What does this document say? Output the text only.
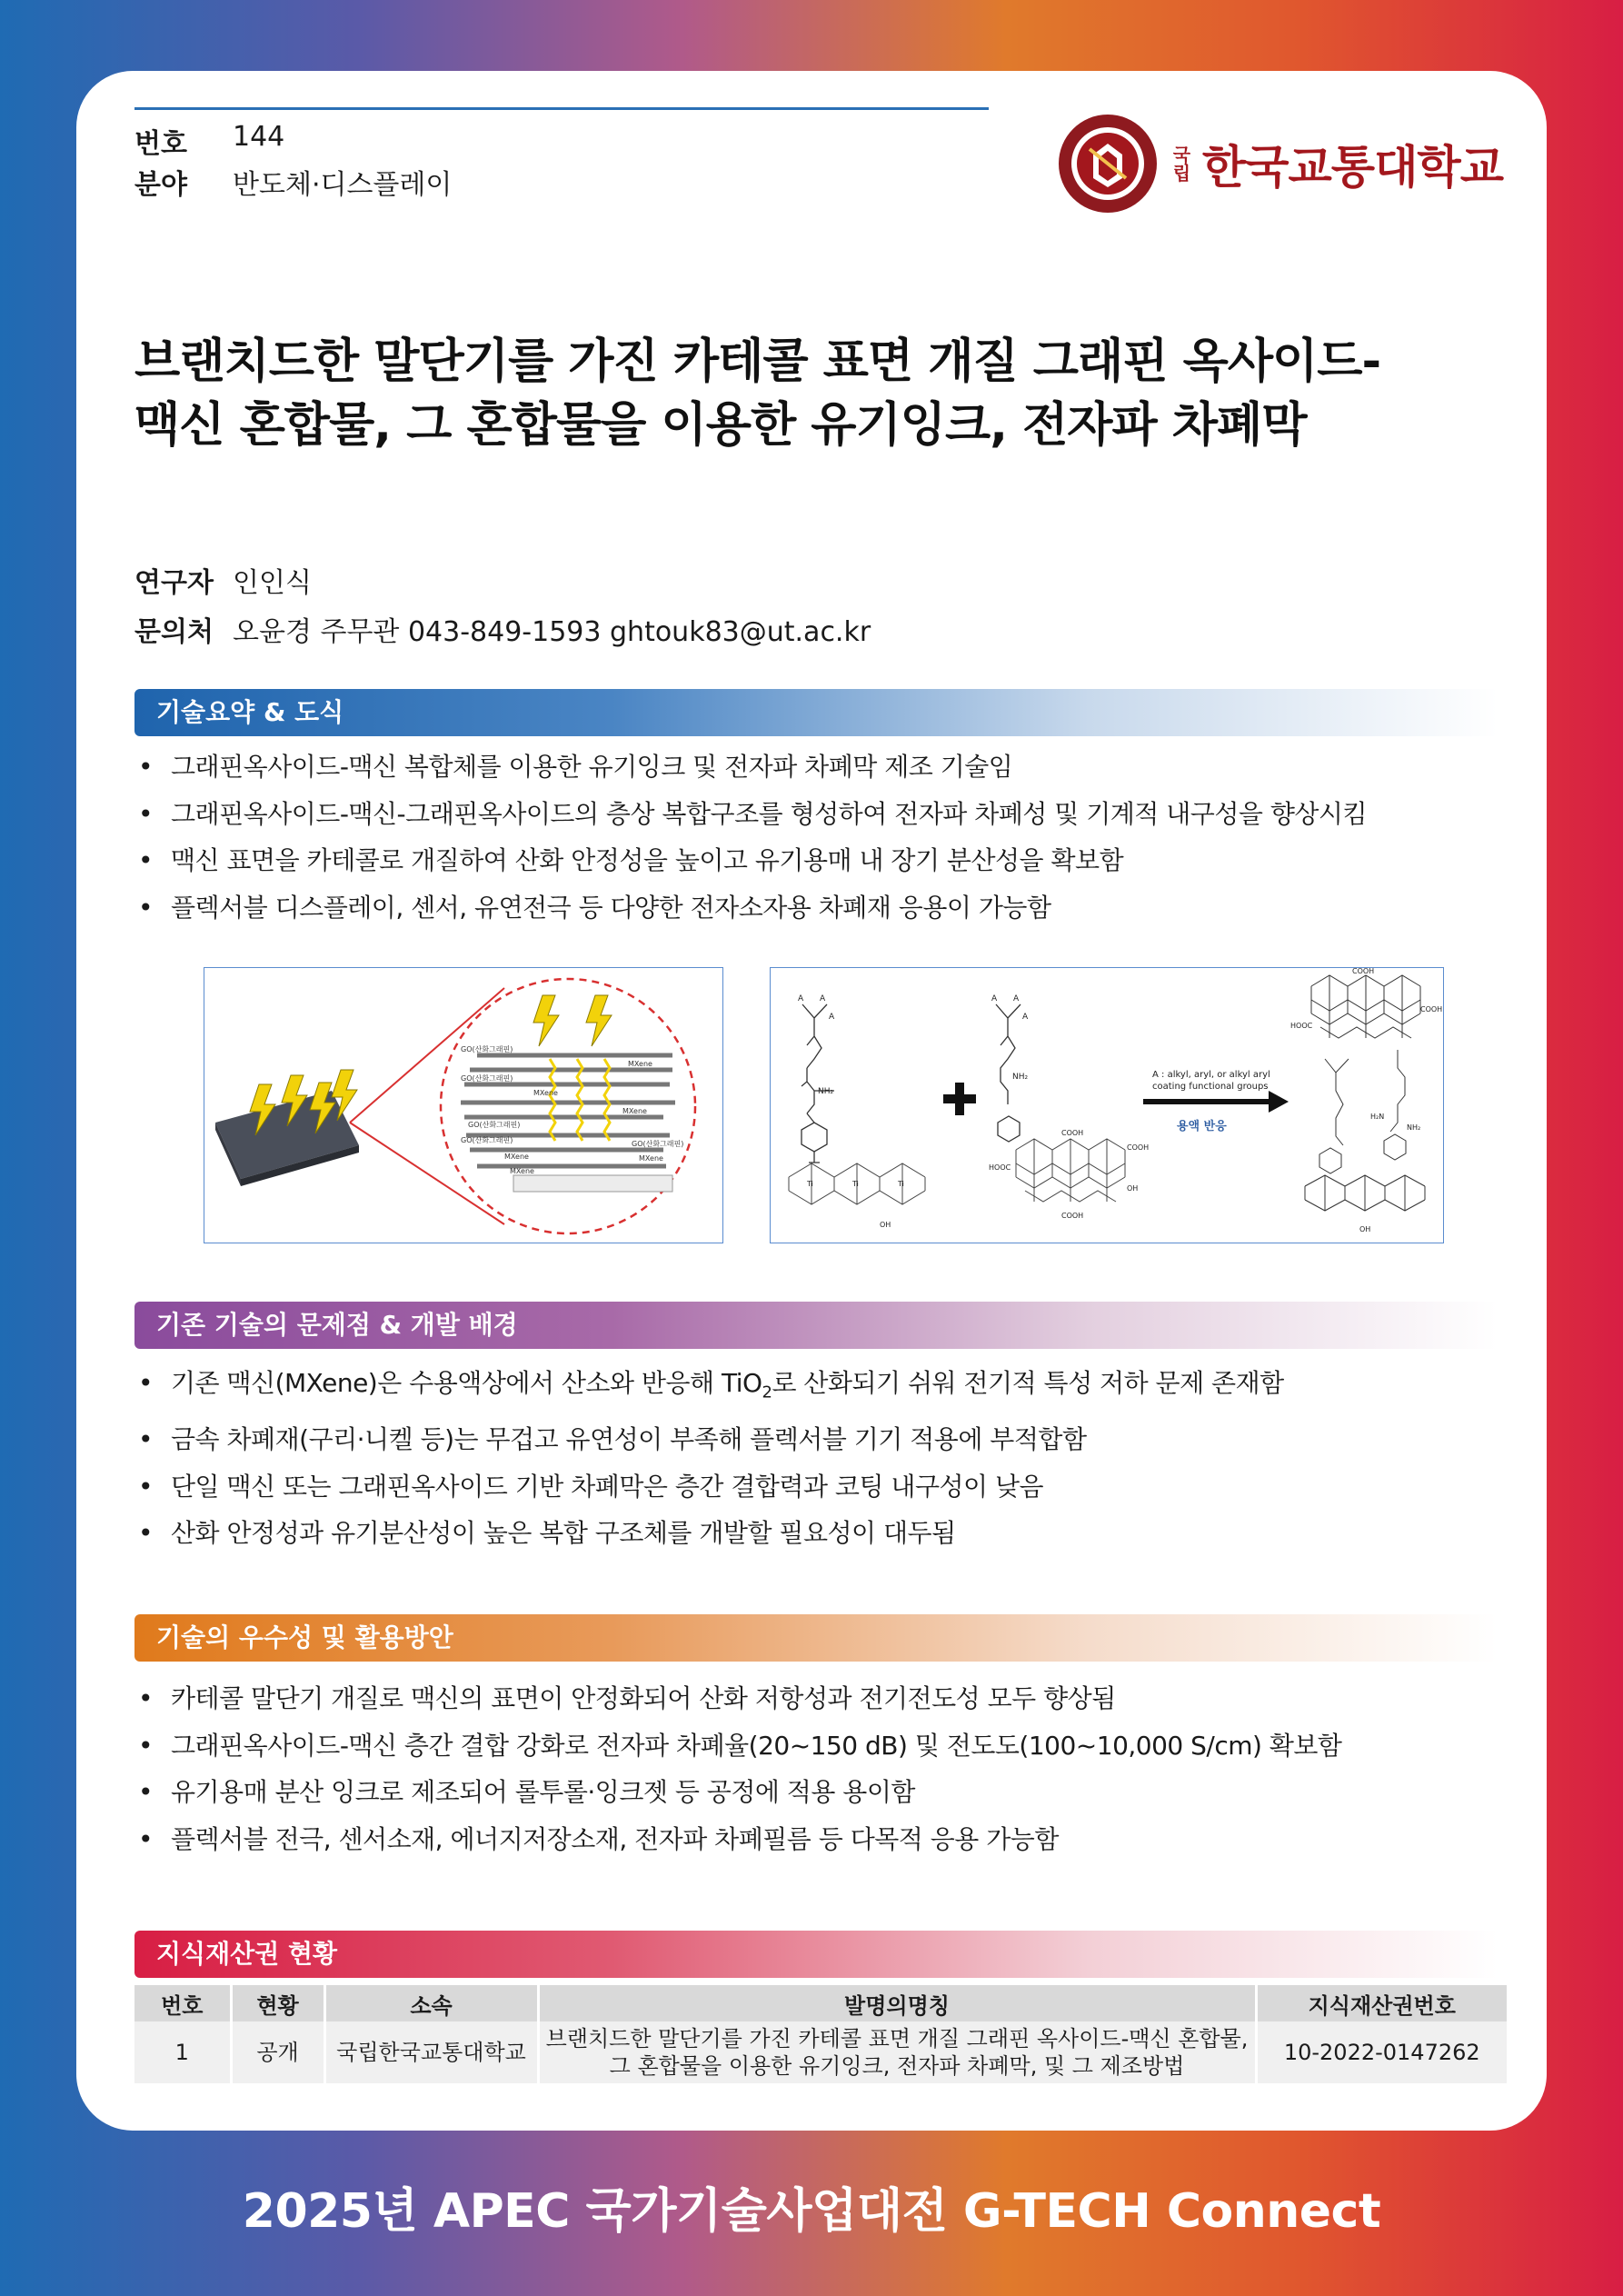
번호 144
분야 반도체·디스플레이
국립 한국교통대학교
브랜치드한 말단기를 가진 카테콜 표면 개질 그래핀 옥사이드-
맥신 혼합물, 그 혼합물을 이용한 유기잉크, 전자파 차폐막
연구자 인인식
문의처 오윤경 주무관 043-849-1593 ghtouk83@ut.ac.kr
기술요약 & 도식
• 그래핀옥사이드-맥신 복합체를 이용한 유기잉크 및 전자파 차폐막 제조 기술임
• 그래핀옥사이드-맥신-그래핀옥사이드의 층상 복합구조를 형성하여 전자파 차폐성 및 기계적 내구성을 향상시킴
• 맥신 표면을 카테콜로 개질하여 산화 안정성을 높이고 유기용매 내 장기 분산성을 확보함
• 플렉서블 디스플레이, 센서, 유연전극 등 다양한 전자소자용 차폐재 응용이 가능함
GO(산화그래핀)
MXene
GO(산화그래핀)
MXene
MXene
GO(산화그래핀)
GO(산화그래핀)
MXene
GO(산화그래핀)
MXene
MXene
A A
A
NH₂
Ti	Ti	Ti
OH
A A
A
NH₂
COOH
COOH
HOOC
OH
COOH
A : alkyl, aryl, or alkyl aryl
coating functional groups
용액 반응
COOH
COOH
HOOC
H₂N
NH₂
OH
기존 기술의 문제점 & 개발 배경
• 기존 맥신(MXene)은 수용액상에서 산소와 반응해 TiO$_2$로 산화되기 쉬워 전기적 특성 저하 문제 존재함
• 금속 차폐재(구리·니켈 등)는 무겁고 유연성이 부족해 플렉서블 기기 적용에 부적합함
• 단일 맥신 또는 그래핀옥사이드 기반 차폐막은 층간 결합력과 코팅 내구성이 낮음
• 산화 안정성과 유기분산성이 높은 복합 구조체를 개발할 필요성이 대두됨
기술의 우수성 및 활용방안
• 카테콜 말단기 개질로 맥신의 표면이 안정화되어 산화 저항성과 전기전도성 모두 향상됨
• 그래핀옥사이드-맥신 층간 결합 강화로 전자파 차폐율(20~150 dB) 및 전도도(100~10,000 S/cm) 확보함
• 유기용매 분산 잉크로 제조되어 롤투롤·잉크젯 등 공정에 적용 용이함
• 플렉서블 전극, 센서소재, 에너지저장소재, 전자파 차폐필름 등 다목적 응용 가능함
지식재산권 현황
번호	현황	소속	발명의명칭	지식재산권번호
1	공개	국립한국교통대학교	브랜치드한 말단기를 가진 카테콜 표면 개질 그래핀 옥사이드-맥신 혼합물,
그 혼합물을 이용한 유기잉크, 전자파 차폐막, 및 그 제조방법	10-2022-0147262
2025년 APEC 국가기술사업대전 G-TECH Connect
